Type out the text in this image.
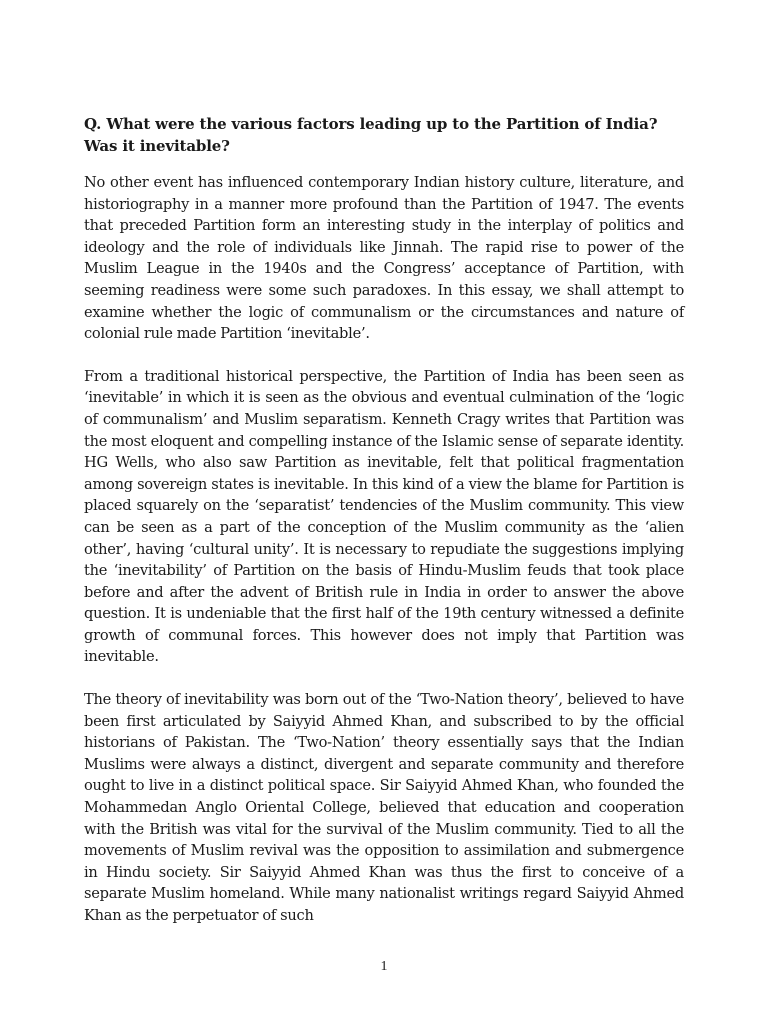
Q. What were the various factors leading up to the Partition of India? Was it inevitable?

No other event has influenced contemporary Indian history culture, literature, and historiography in a manner more profound than the Partition of 1947. The events that preceded Partition form an interesting study in the interplay of politics and ideology and the role of individuals like Jinnah. The rapid rise to power of the Muslim League in the 1940s and the Congress’ acceptance of Partition, with seeming readiness were some such paradoxes. In this essay, we shall attempt to examine whether the logic of communalism or the circumstances and nature of colonial rule made Partition ‘inevitable’.

From a traditional historical perspective, the Partition of India has been seen as ‘inevitable’ in which it is seen as the obvious and eventual culmination of the ‘logic of communalism’ and Muslim separatism. Kenneth Cragy writes that Partition was the most eloquent and compelling instance of the Islamic sense of separate identity. HG Wells, who also saw Partition as inevitable, felt that political fragmentation among sovereign states is inevitable. In this kind of a view the blame for Partition is placed squarely on the ‘separatist’ tendencies of the Muslim community. This view can be seen as a part of the conception of the Muslim community as the ‘alien other’, having ‘cultural unity’. It is necessary to repudiate the suggestions implying the ‘inevitability’ of Partition on the basis of Hindu-Muslim feuds that took place before and after the advent of British rule in India in order to answer the above question. It is undeniable that the first half of the 19th century witnessed a definite growth of communal forces. This however does not imply that Partition was inevitable.

The theory of inevitability was born out of the ‘Two-Nation theory’, believed to have been first articulated by Saiyyid Ahmed Khan, and subscribed to by the official historians of Pakistan. The ‘Two-Nation’ theory essentially says that the Indian Muslims were always a distinct, divergent and separate community and therefore ought to live in a distinct political space. Sir Saiyyid Ahmed Khan, who founded the Mohammedan Anglo Oriental College, believed that education and cooperation with the British was vital for the survival of the Muslim community. Tied to all the movements of Muslim revival was the opposition to assimilation and submergence in Hindu society. Sir Saiyyid Ahmed Khan was thus the first to conceive of a separate Muslim homeland. While many nationalist writings regard Saiyyid Ahmed Khan as the perpetuator of such

1
